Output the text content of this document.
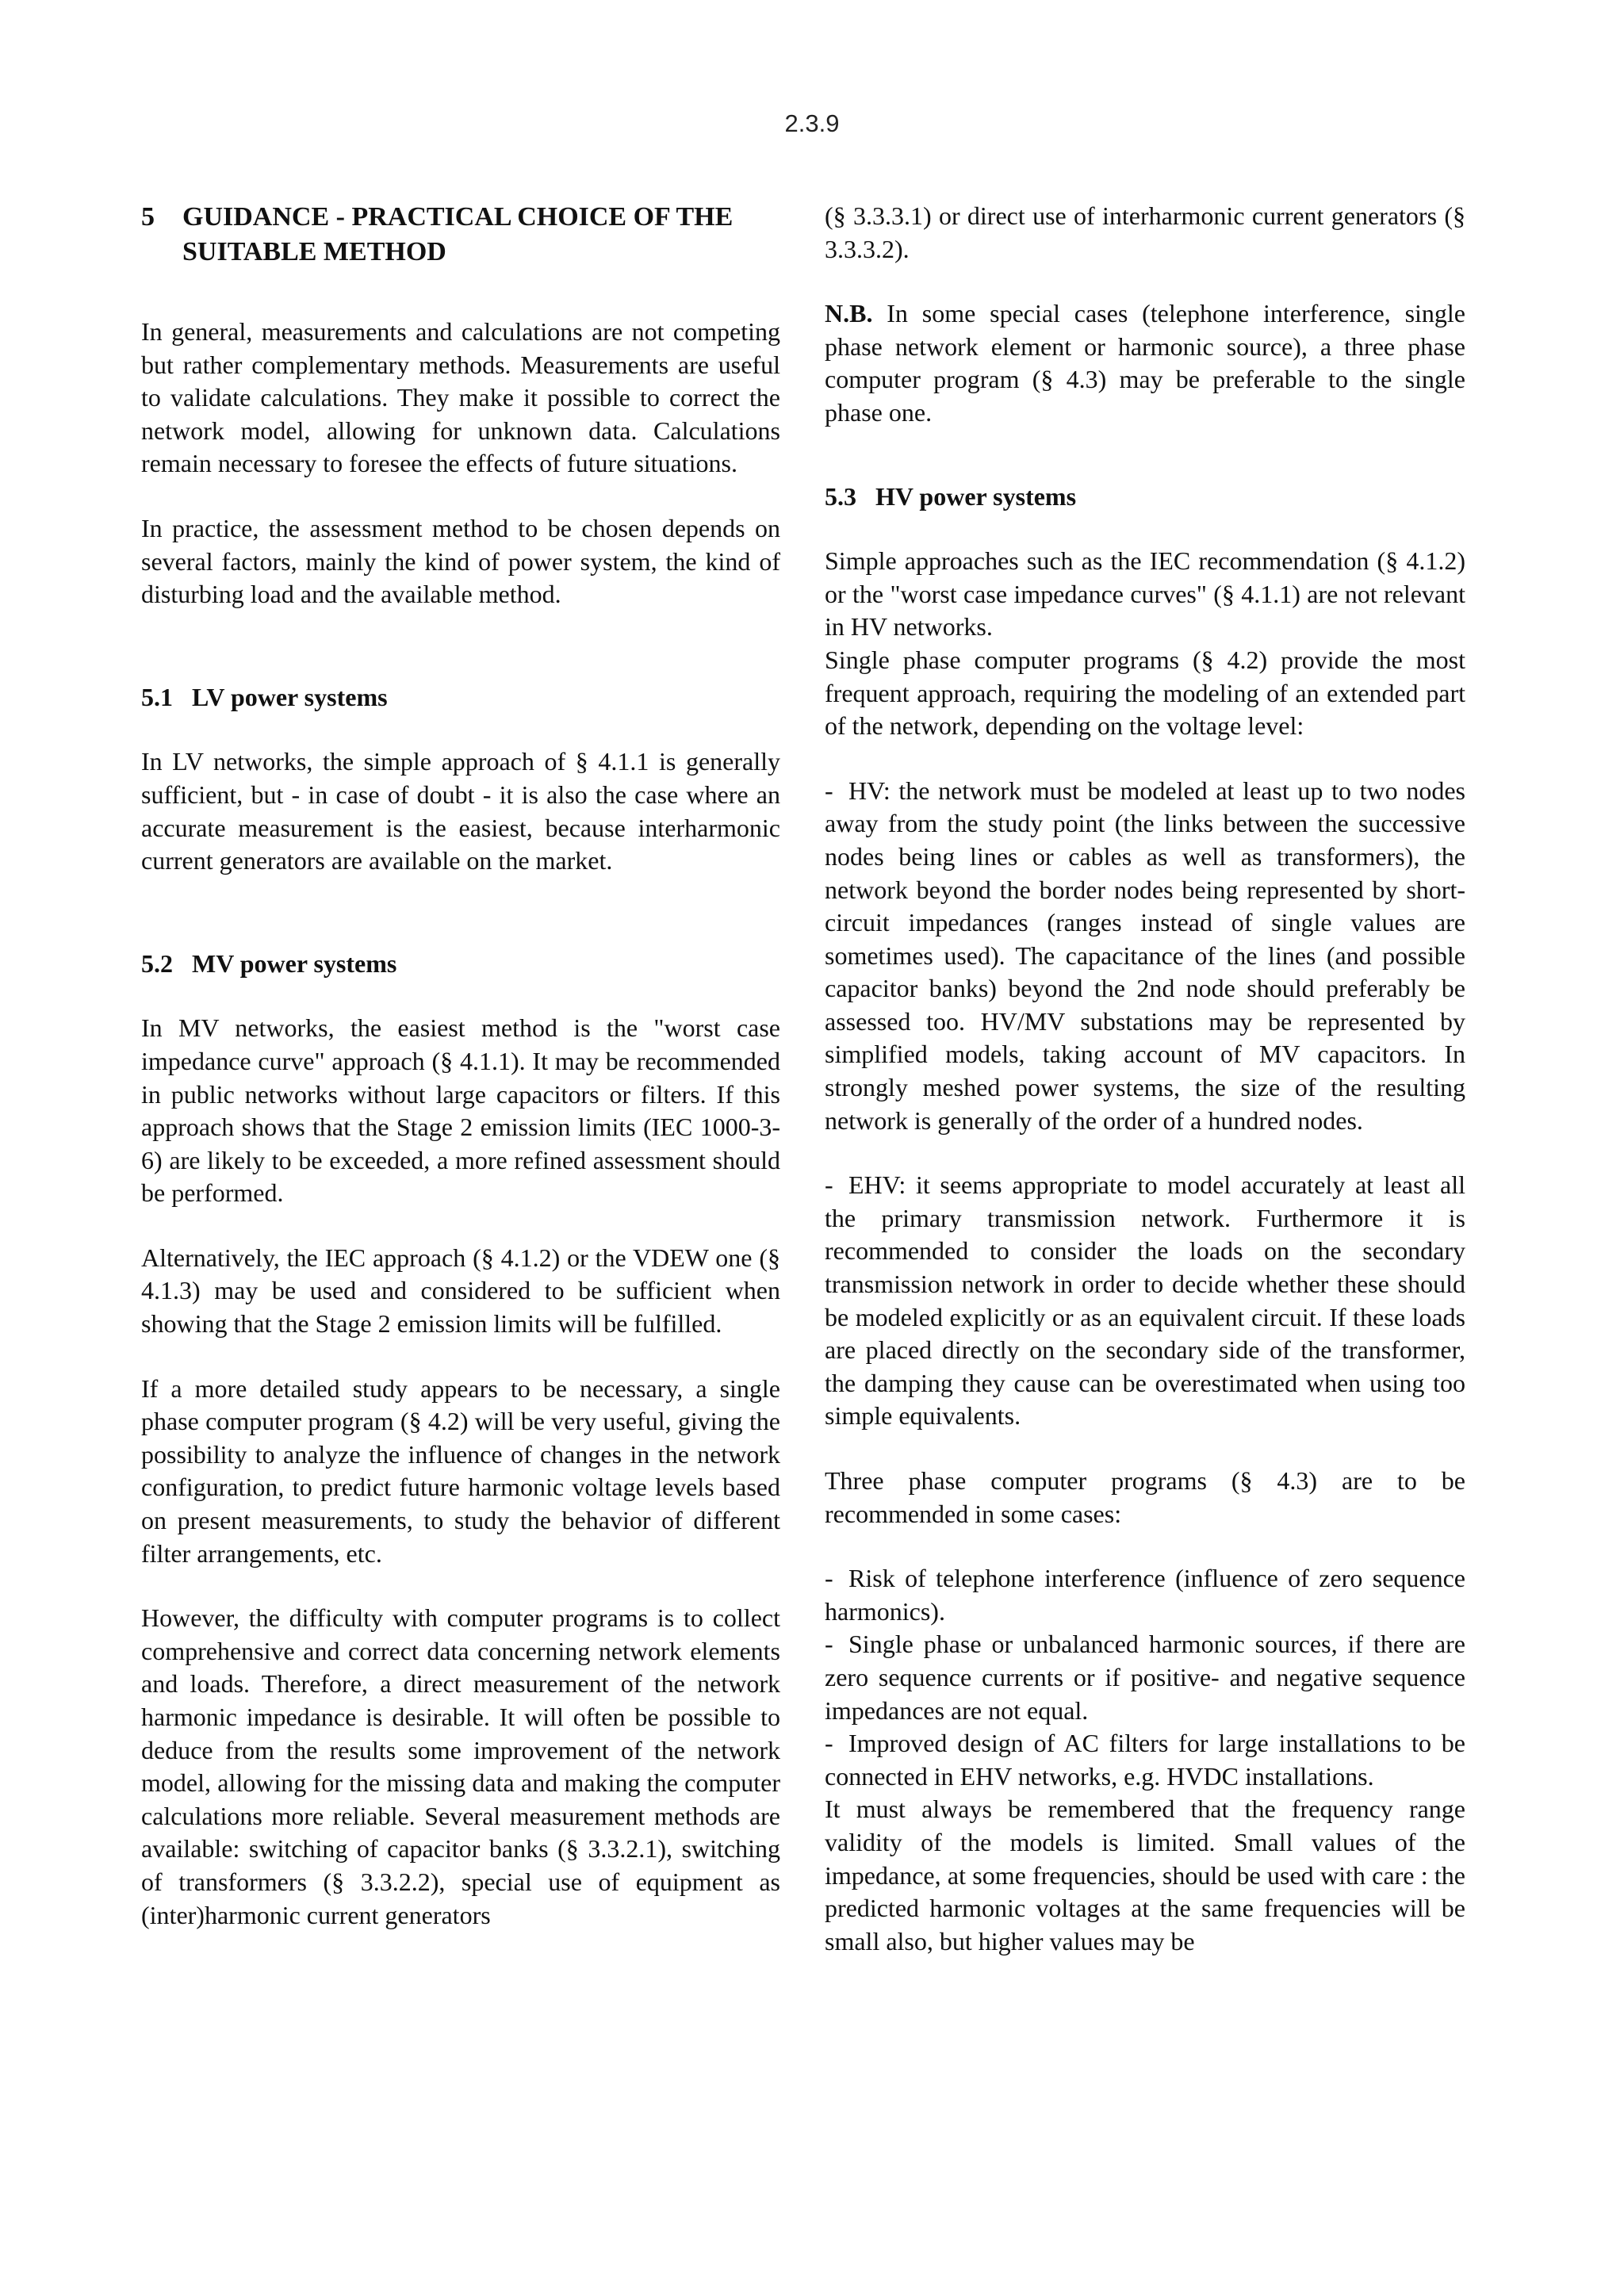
2.3.9
5	GUIDANCE - PRACTICAL CHOICE OF THE SUITABLE METHOD

In general, measurements and calculations are not competing but rather complementary methods. Measurements are useful to validate calculations. They make it possible to correct the network model, allowing for unknown data. Calculations remain necessary to foresee the effects of future situations.

In practice, the assessment method to be chosen depends on several factors, mainly the kind of power system, the kind of disturbing load and the available method.

5.1 LV power systems

In LV networks, the simple approach of § 4.1.1 is generally sufficient, but - in case of doubt - it is also the case where an accurate measurement is the easiest, because interharmonic current generators are available on the market.

5.2 MV power systems

In MV networks, the easiest method is the "worst case impedance curve" approach (§ 4.1.1). It may be recommended in public networks without large capacitors or filters. If this approach shows that the Stage 2 emission limits (IEC 1000-3-6) are likely to be exceeded, a more refined assessment should be performed.

Alternatively, the IEC approach (§ 4.1.2) or the VDEW one (§ 4.1.3) may be used and considered to be sufficient when showing that the Stage 2 emission limits will be fulfilled.

If a more detailed study appears to be necessary, a single phase computer program (§ 4.2) will be very useful, giving the possibility to analyze the influence of changes in the network configuration, to predict future harmonic voltage levels based on present measurements, to study the behavior of different filter arrangements, etc.

However, the difficulty with computer programs is to collect comprehensive and correct data concerning network elements and loads. Therefore, a direct measurement of the network harmonic impedance is desirable. It will often be possible to deduce from the results some improvement of the network model, allowing for the missing data and making the computer calculations more reliable. Several measurement methods are available: switching of capacitor banks (§ 3.3.2.1), switching of transformers (§ 3.3.2.2), special use of equipment as (inter)harmonic current generators

(§ 3.3.3.1) or direct use of interharmonic current generators (§ 3.3.3.2).

N.B. In some special cases (telephone interference, single phase network element or harmonic source), a three phase computer program (§ 4.3) may be preferable to the single phase one.

5.3 HV power systems

Simple approaches such as the IEC recommendation (§ 4.1.2) or the "worst case impedance curves" (§ 4.1.1) are not relevant in HV networks.

Single phase computer programs (§ 4.2) provide the most frequent approach, requiring the modeling of an extended part of the network, depending on the voltage level:

- HV: the network must be modeled at least up to two nodes away from the study point (the links between the successive nodes being lines or cables as well as transformers), the network beyond the border nodes being represented by short-circuit impedances (ranges instead of single values are sometimes used). The capacitance of the lines (and possible capacitor banks) beyond the 2nd node should preferably be assessed too. HV/MV substations may be represented by simplified models, taking account of MV capacitors. In strongly meshed power systems, the size of the resulting network is generally of the order of a hundred nodes.

- EHV: it seems appropriate to model accurately at least all the primary transmission network. Furthermore it is recommended to consider the loads on the secondary transmission network in order to decide whether these should be modeled explicitly or as an equivalent circuit. If these loads are placed directly on the secondary side of the transformer, the damping they cause can be overestimated when using too simple equivalents.

Three phase computer programs (§ 4.3) are to be recommended in some cases:

- Risk of telephone interference (influence of zero sequence harmonics).

- Single phase or unbalanced harmonic sources, if there are zero sequence currents or if positive- and negative sequence impedances are not equal.

- Improved design of AC filters for large installations to be connected in EHV networks, e.g. HVDC installations.

It must always be remembered that the frequency range validity of the models is limited. Small values of the impedance, at some frequencies, should be used with care : the predicted harmonic voltages at the same frequencies will be small also, but higher values may be
